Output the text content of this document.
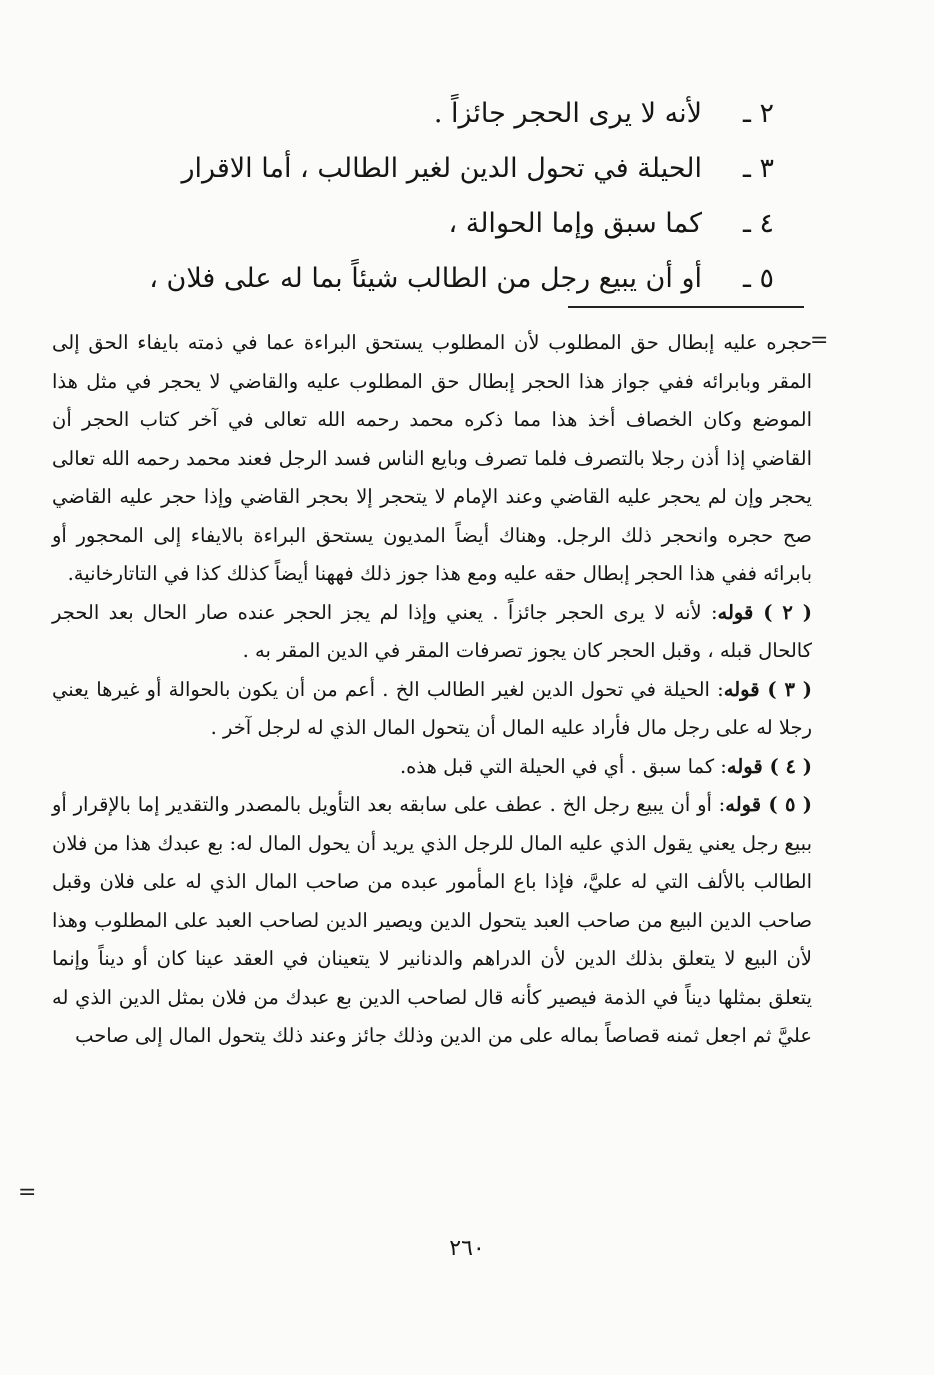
٢ ـ
لأنه لا يرى الحجر جائزاً .
٣ ـ
الحيلة في تحول الدين لغير الطالب ، أما الاقرار
٤ ـ
كما سبق وإما الحوالة ،
٥ ـ
أو أن يبيع رجل من الطالب شيئاً بما له على فلان ،
=

حجره عليه إبطال حق المطلوب لأن المطلوب يستحق البراءة عما في ذمته بايفاء الحق إلى المقر وبابرائه ففي جواز هذا الحجر إبطال حق المطلوب عليه والقاضي لا يحجر في مثل هذا الموضع وكان الخصاف أخذ هذا مما ذكره محمد رحمه الله تعالى في آخر كتاب الحجر أن القاضي إذا أذن رجلا بالتصرف فلما تصرف وبايع الناس فسد الرجل فعند محمد رحمه الله تعالى يحجر وإن لم يحجر عليه القاضي وعند الإمام لا يتحجر إلا بحجر القاضي وإذا حجر عليه القاضي صح حجره وانحجر ذلك الرجل. وهناك أيضاً المديون يستحق البراءة بالايفاء إلى المحجور أو بابرائه ففي هذا الحجر إبطال حقه عليه ومع هذا جوز ذلك فههنا أيضاً كذلك كذا في التاتارخانية.

( ٢ ) قوله: لأنه لا يرى الحجر جائزاً . يعني وإذا لم يجز الحجر عنده صار الحال بعد الحجر كالحال قبله ، وقبل الحجر كان يجوز تصرفات المقر في الدين المقر به .

( ٣ ) قوله: الحيلة في تحول الدين لغير الطالب الخ . أعم من أن يكون بالحوالة أو غيرها يعني رجلا له على رجل مال فأراد عليه المال أن يتحول المال الذي له لرجل آخر .

( ٤ ) قوله: كما سبق . أي في الحيلة التي قبل هذه.

( ٥ ) قوله: أو أن يبيع رجل الخ . عطف على سابقه بعد التأويل بالمصدر والتقدير إما بالإقرار أو ببيع رجل يعني يقول الذي عليه المال للرجل الذي يريد أن يحول المال له: بع عبدك هذا من فلان الطالب بالألف التي له عليَّ، فإذا باع المأمور عبده من صاحب المال الذي له على فلان وقبل صاحب الدين البيع من صاحب العبد يتحول الدين ويصير الدين لصاحب العبد على المطلوب وهذا لأن البيع لا يتعلق بذلك الدين لأن الدراهم والدنانير لا يتعينان في العقد عينا كان أو ديناً وإنما يتعلق بمثلها ديناً في الذمة فيصير كأنه قال لصاحب الدين بع عبدك من فلان بمثل الدين الذي له عليَّ ثم اجعل ثمنه قصاصاً بماله على من الدين وذلك جائز وعند ذلك يتحول المال إلى صاحب

=
٢٦٠
